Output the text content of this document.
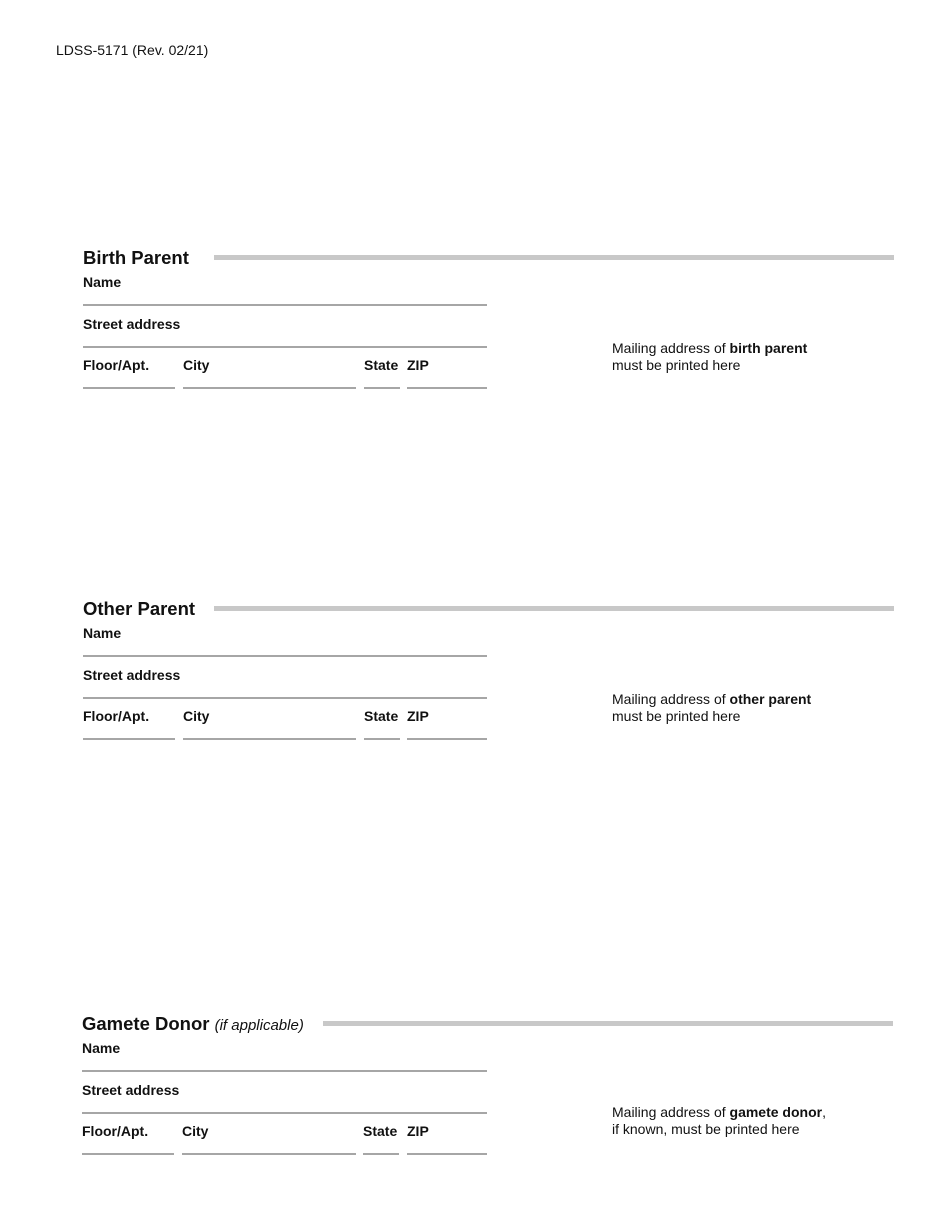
LDSS-5171 (Rev. 02/21)
Birth Parent
Name
Street address
Floor/Apt. City	State ZIP
Mailing address of birth parent
must be printed here
Other Parent
Name
Street address
Floor/Apt. City	State ZIP
Mailing address of other parent
must be printed here
Gamete Donor (if applicable)
Name
Street address
Floor/Apt. City	State ZIP
Mailing address of gamete donor,
if known, must be printed here
